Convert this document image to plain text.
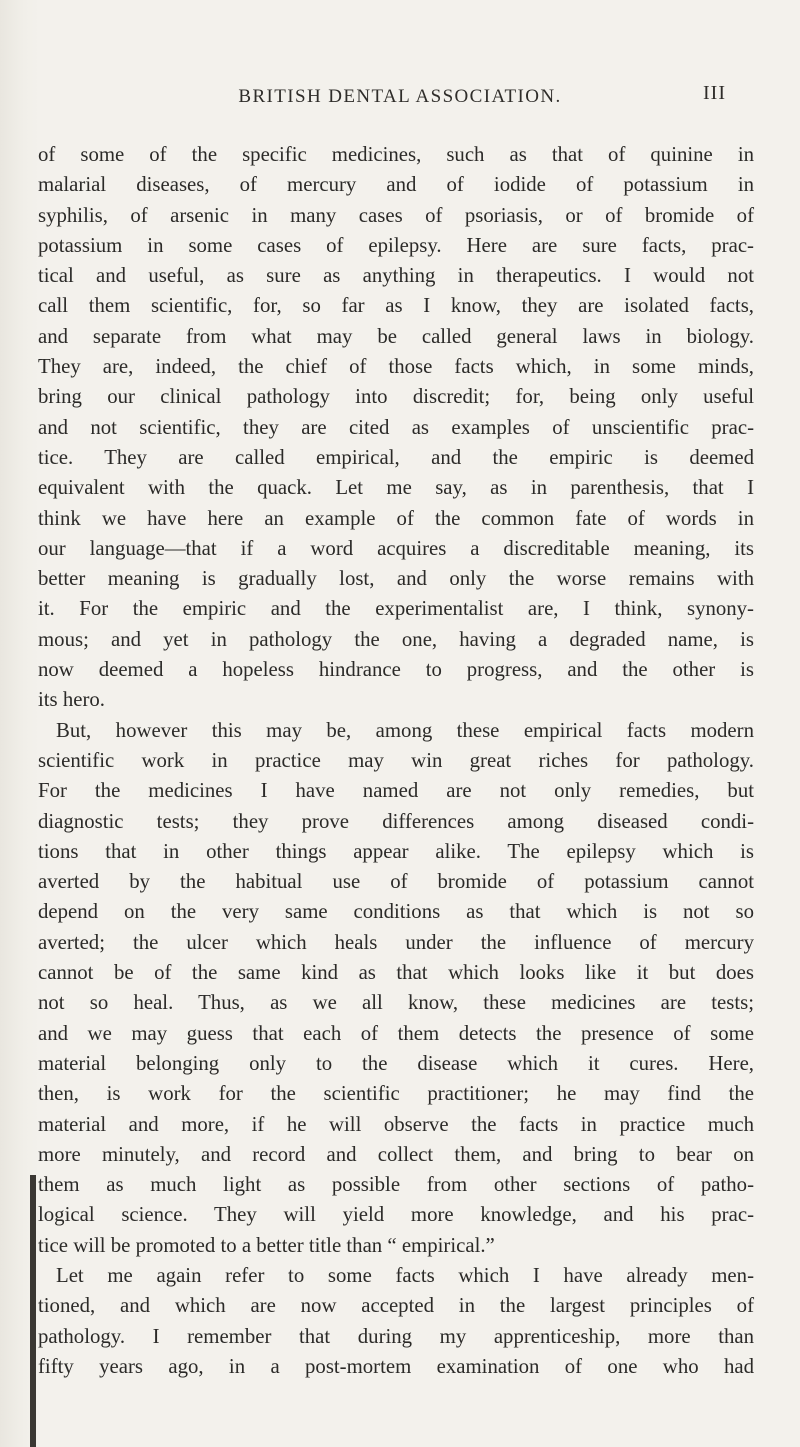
BRITISH DENTAL ASSOCIATION.	III
of some of the specific medicines, such as that of quinine in
malarial diseases, of mercury and of iodide of potassium in
syphilis, of arsenic in many cases of psoriasis, or of bromide of
potassium in some cases of epilepsy. Here are sure facts, prac-
tical and useful, as sure as anything in therapeutics. I would not
call them scientific, for, so far as I know, they are isolated facts,
and separate from what may be called general laws in biology.
They are, indeed, the chief of those facts which, in some minds,
bring our clinical pathology into discredit; for, being only useful
and not scientific, they are cited as examples of unscientific prac-
tice. They are called empirical, and the empiric is deemed
equivalent with the quack. Let me say, as in parenthesis, that I
think we have here an example of the common fate of words in
our language—that if a word acquires a discreditable meaning, its
better meaning is gradually lost, and only the worse remains with
it. For the empiric and the experimentalist are, I think, synony-
mous; and yet in pathology the one, having a degraded name, is
now deemed a hopeless hindrance to progress, and the other is
its hero.
But, however this may be, among these empirical facts modern
scientific work in practice may win great riches for pathology.
For the medicines I have named are not only remedies, but
diagnostic tests; they prove differences among diseased condi-
tions that in other things appear alike. The epilepsy which is
averted by the habitual use of bromide of potassium cannot
depend on the very same conditions as that which is not so
averted; the ulcer which heals under the influence of mercury
cannot be of the same kind as that which looks like it but does
not so heal. Thus, as we all know, these medicines are tests;
and we may guess that each of them detects the presence of some
material belonging only to the disease which it cures. Here,
then, is work for the scientific practitioner; he may find the
material and more, if he will observe the facts in practice much
more minutely, and record and collect them, and bring to bear on
them as much light as possible from other sections of patho-
logical science. They will yield more knowledge, and his prac-
tice will be promoted to a better title than “ empirical.”
Let me again refer to some facts which I have already men-
tioned, and which are now accepted in the largest principles of
pathology. I remember that during my apprenticeship, more than
fifty years ago, in a post-mortem examination of one who had
